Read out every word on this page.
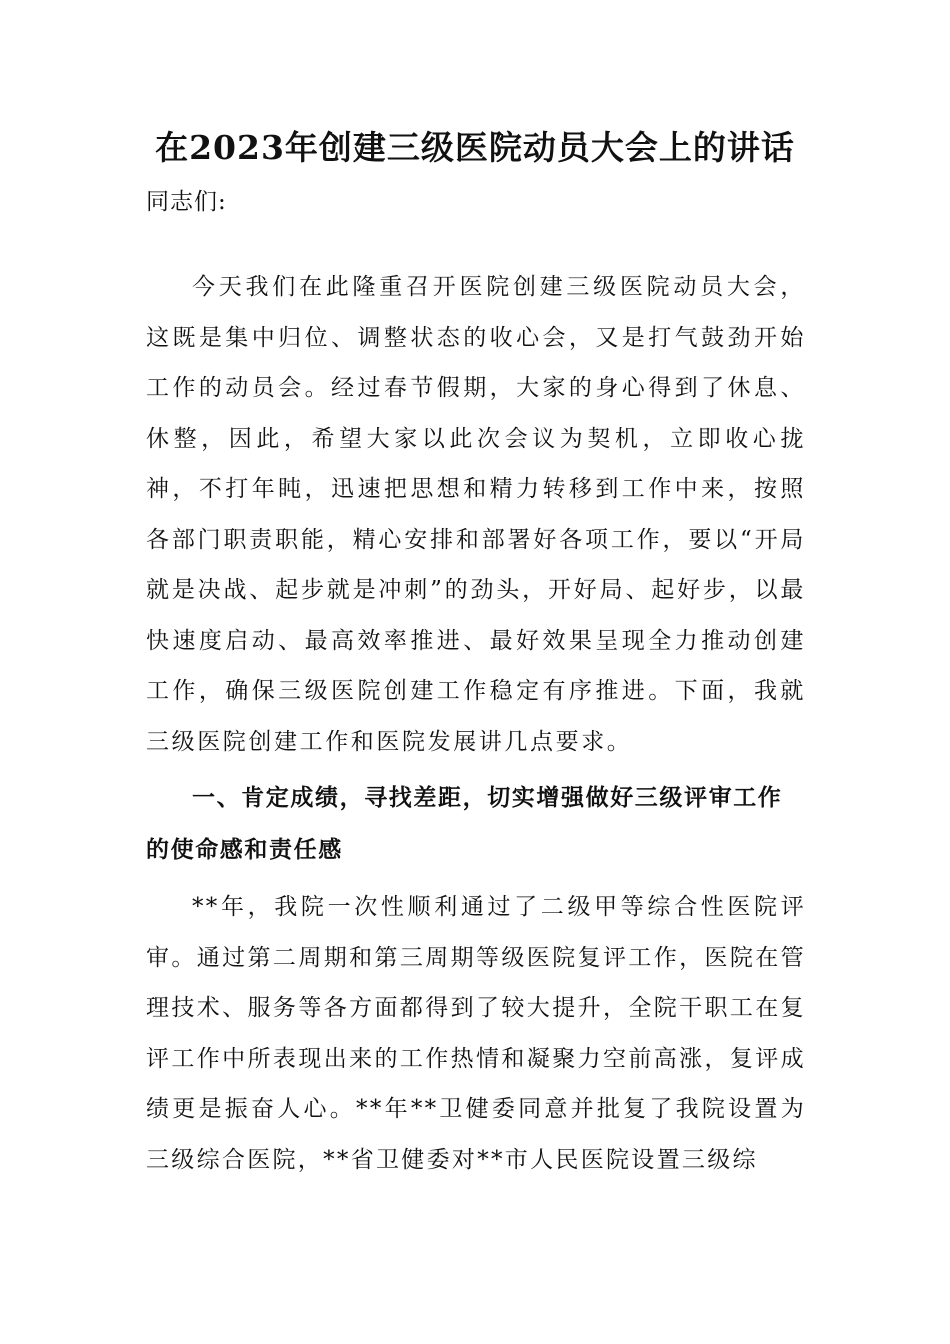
在2023年创建三级医院动员大会上的讲话
同志们:

今天我们在此隆重召开医院创建三级医院动员大会，这既是集中归位、调整状态的收心会，又是打气鼓劲开始工作的动员会。经过春节假期，大家的身心得到了休息、休整，因此，希望大家以此次会议为契机，立即收心拢神，不打年盹，迅速把思想和精力转移到工作中来，按照各部门职责职能，精心安排和部署好各项工作，要以“开局就是决战、起步就是冲刺”的劲头，开好局、起好步，以最快速度启动、最高效率推进、最好效果呈现全力推动创建工作，确保三级医院创建工作稳定有序推进。下面，我就三级医院创建工作和医院发展讲几点要求。

一、肯定成绩，寻找差距，切实增强做好三级评审工作的使命感和责任感

**年，我院一次性顺利通过了二级甲等综合性医院评审。通过第二周期和第三周期等级医院复评工作，医院在管理技术、服务等各方面都得到了较大提升，全院干职工在复评工作中所表现出来的工作热情和凝聚力空前高涨，复评成绩更是振奋人心。**年**卫健委同意并批复了我院设置为三级综合医院，**省卫健委对**市人民医院设置三级综
